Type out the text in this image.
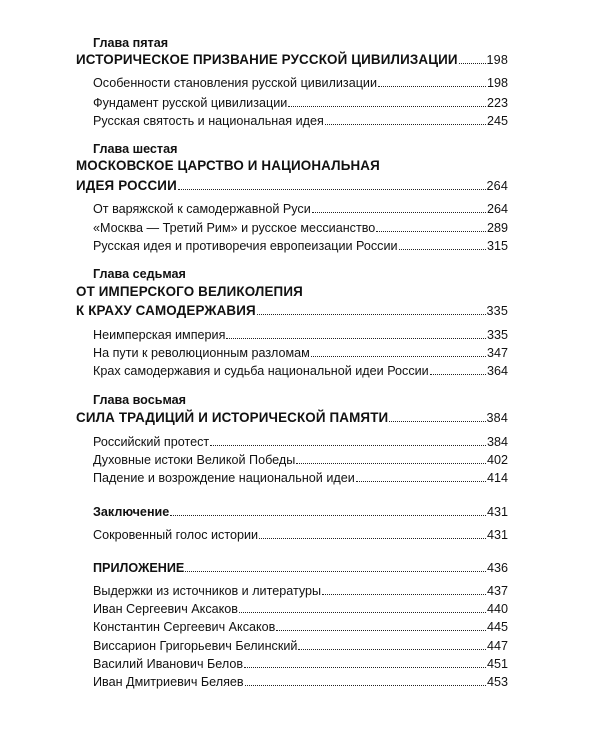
Глава пятая
ИСТОРИЧЕСКОЕ ПРИЗВАНИЕ РУССКОЙ ЦИВИЛИЗАЦИИ 198
Особенности становления русской цивилизации	198
Фундамент русской цивилизации	223
Русская святость и национальная идея	245
Глава шестая
МОСКОВСКОЕ ЦАРСТВО И НАЦИОНАЛЬНАЯ
ИДЕЯ РОССИИ	264
От варяжской к самодержавной Руси	264
«Москва — Третий Рим» и русское мессианство	289
Русская идея и противоречия европеизации России	315
Глава седьмая
ОТ ИМПЕРСКОГО ВЕЛИКОЛЕПИЯ
К КРАХУ САМОДЕРЖАВИЯ	335
Неимперская империя	335
На пути к революционным разломам	347
Крах самодержавия и судьба национальной идеи России	364
Глава восьмая
СИЛА ТРАДИЦИЙ И ИСТОРИЧЕСКОЙ ПАМЯТИ	384
Российский протест	384
Духовные истоки Великой Победы	402
Падение и возрождение национальной идеи	414
Заключение	431
Сокровенный голос истории	431
ПРИЛОЖЕНИЕ	436
Выдержки из источников и литературы	437
Иван Сергеевич Аксаков	440
Константин Сергеевич Аксаков	445
Виссарион Григорьевич Белинский	447
Василий Иванович Белов	451
Иван Дмитриевич Беляев	453
